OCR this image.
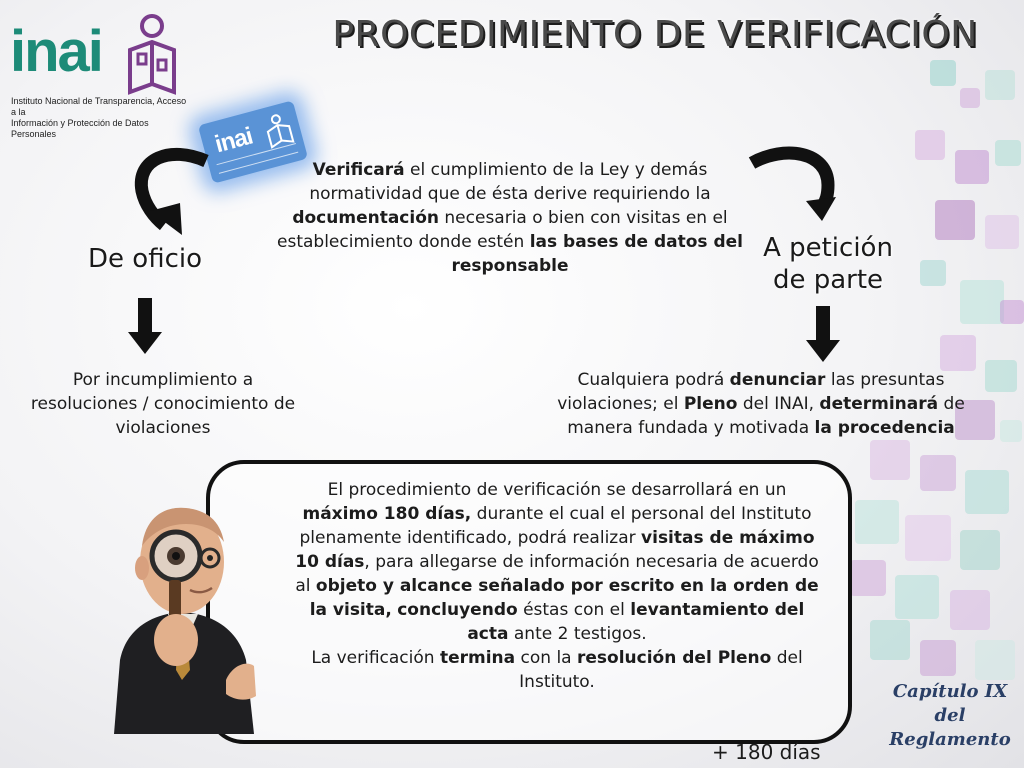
inai
Instituto Nacional de Transparencia, Acceso a la
Información y Protección de Datos Personales
PROCEDIMIENTO DE VERIFICACIÓN
inai
De oficio	A petición
de parte
Verificará el cumplimiento de la Ley y demás normatividad que de ésta derive requiriendo la documentación necesaria o bien con visitas en el establecimiento donde estén las bases de datos del responsable
Por incumplimiento a resoluciones / conocimiento de violaciones
Cualquiera podrá denunciar las presuntas violaciones; el Pleno del INAI, determinará de manera fundada y motivada la procedencia
El procedimiento de verificación se desarrollará en un máximo 180 días, durante el cual el personal del Instituto plenamente identificado, podrá realizar visitas de máximo 10 días, para allegarse de información necesaria de acuerdo al objeto y alcance señalado por escrito en la orden de la visita, concluyendo éstas con el levantamiento del acta ante 2 testigos.
La verificación termina con la resolución del Pleno del Instituto.	Capítulo IX
del
Reglamento
+ 180 días
